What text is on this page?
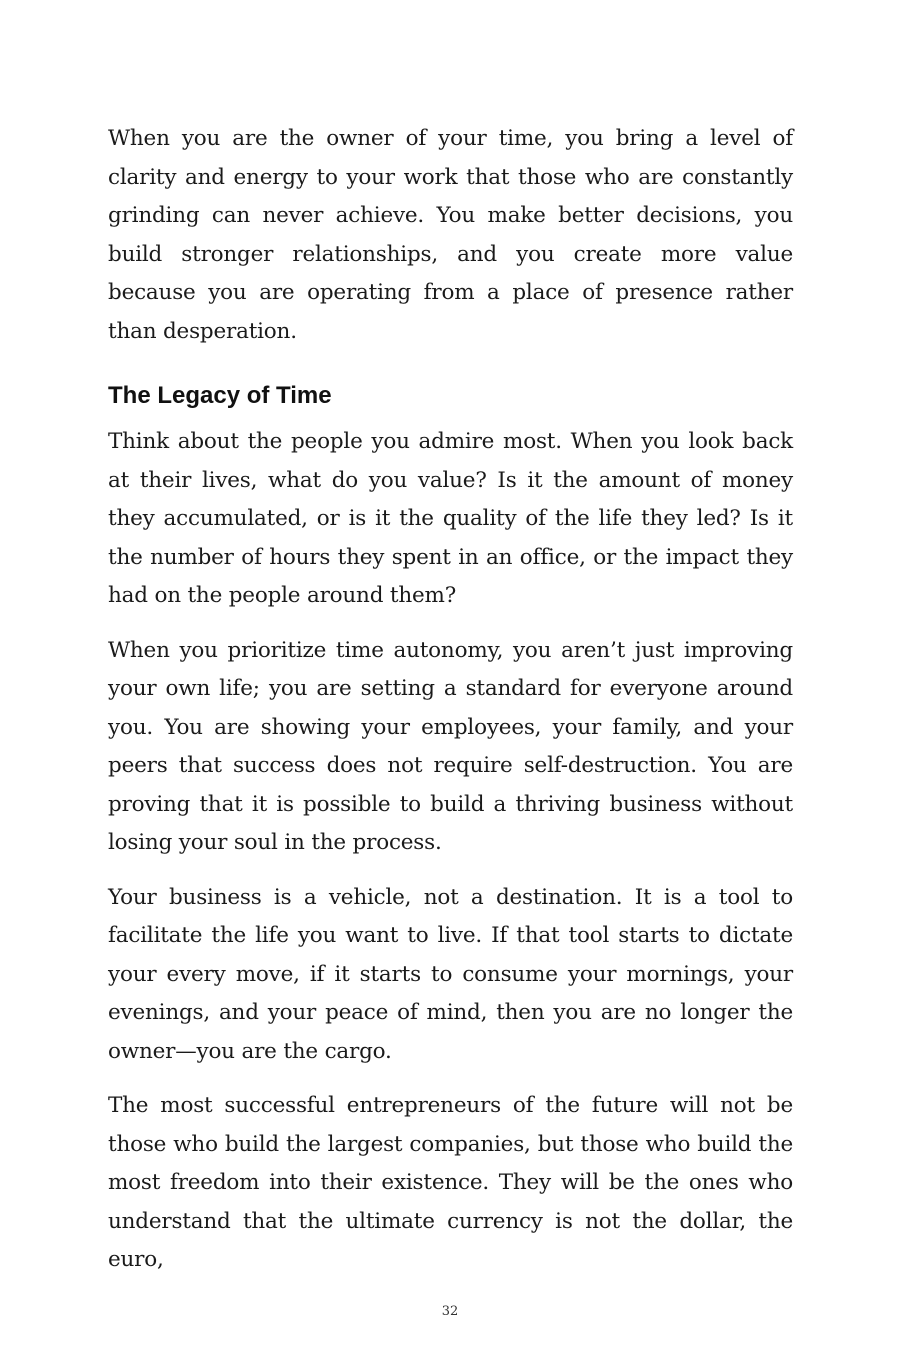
When you are the owner of your time, you bring a level of clarity and energy to your work that those who are constantly grinding can never achieve. You make better decisions, you build stronger relationships, and you create more value because you are operating from a place of presence rather than desperation.

The Legacy of Time

Think about the people you admire most. When you look back at their lives, what do you value? Is it the amount of money they accumulated, or is it the quality of the life they led? Is it the number of hours they spent in an office, or the impact they had on the people around them?

When you prioritize time autonomy, you aren’t just improving your own life; you are setting a standard for everyone around you. You are showing your employees, your family, and your peers that success does not require self-destruction. You are proving that it is possible to build a thriving business without losing your soul in the process.

Your business is a vehicle, not a destination. It is a tool to facilitate the life you want to live. If that tool starts to dictate your every move, if it starts to consume your mornings, your evenings, and your peace of mind, then you are no longer the owner—you are the cargo.

The most successful entrepreneurs of the future will not be those who build the largest companies, but those who build the most freedom into their existence. They will be the ones who understand that the ultimate currency is not the dollar, the euro,

32
